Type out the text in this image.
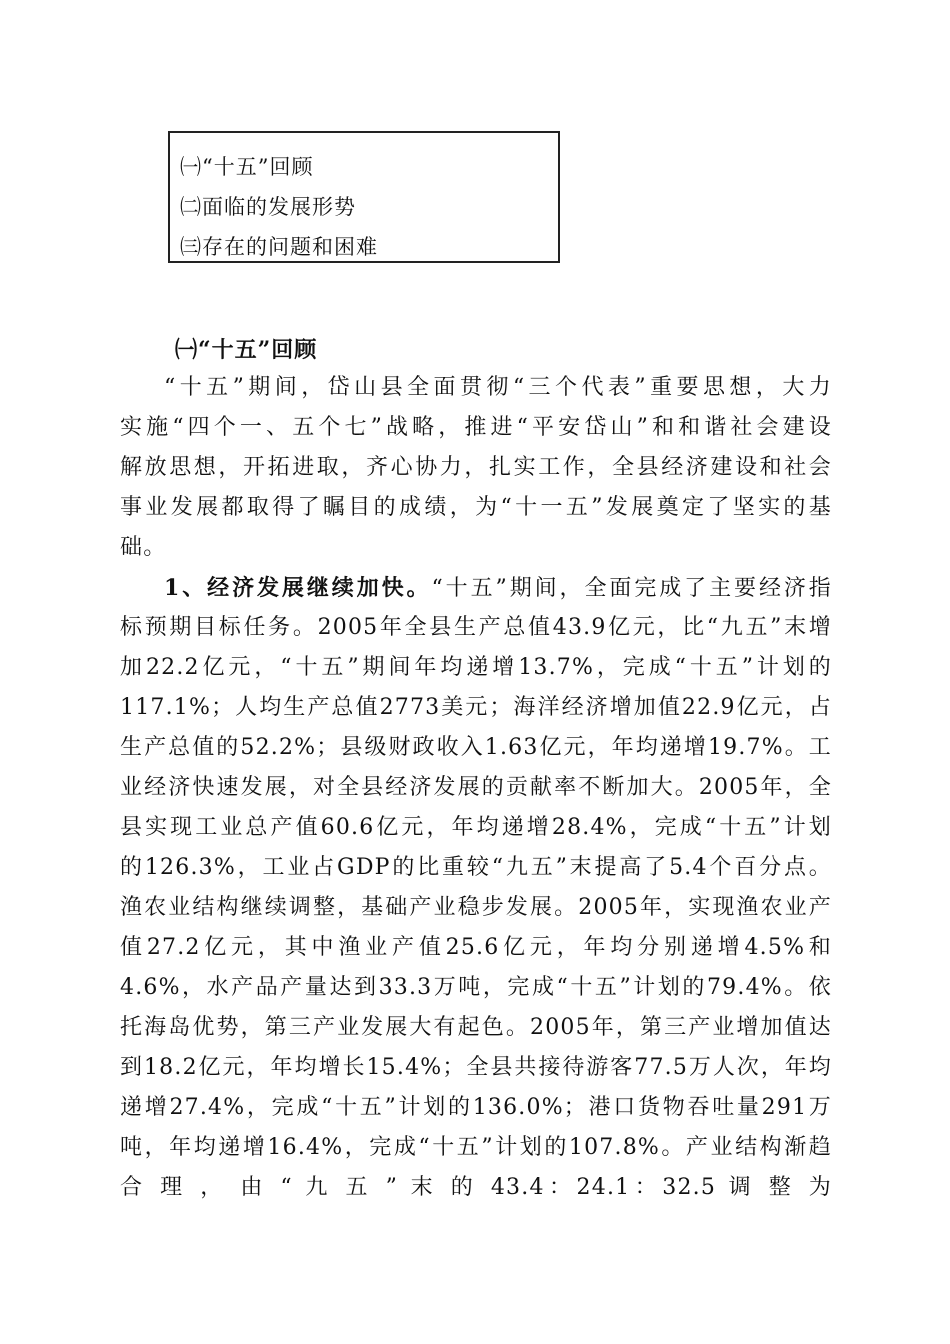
㈠“十五”回顾
㈡面临的发展形势
㈢存在的问题和困难
㈠“十五”回顾
“十五”期间，岱山县全面贯彻“三个代表”重要思想，大力
实施“四个一、五个七”战略，推进“平安岱山”和和谐社会建设
解放思想，开拓进取，齐心协力，扎实工作，全县经济建设和社会
事业发展都取得了瞩目的成绩，为“十一五”发展奠定了坚实的基
础。
1、经济发展继续加快。“十五”期间，全面完成了主要经济指
标预期目标任务。2005年全县生产总值43.9亿元，比“九五”末增
加22.2亿元，“十五”期间年均递增13.7%，完成“十五”计划的
117.1%；人均生产总值2773美元；海洋经济增加值22.9亿元，占
生产总值的52.2%；县级财政收入1.63亿元，年均递增19.7%。工
业经济快速发展，对全县经济发展的贡献率不断加大。2005年，全
县实现工业总产值60.6亿元，年均递增28.4%，完成“十五”计划
的126.3%，工业占GDP的比重较“九五”末提高了5.4个百分点。
渔农业结构继续调整，基础产业稳步发展。2005年，实现渔农业产
值27.2亿元，其中渔业产值25.6亿元，年均分别递增4.5%和
4.6%，水产品产量达到33.3万吨，完成“十五”计划的79.4%。依
托海岛优势，第三产业发展大有起色。2005年，第三产业增加值达
到18.2亿元，年均增长15.4%；全县共接待游客77.5万人次，年均
递增27.4%，完成“十五”计划的136.0%；港口货物吞吐量291万
吨，年均递增16.4%，完成“十五”计划的107.8%。产业结构渐趋
合 理 ， 由 “ 九 五 ” 末 的 43.4：24.1：32.5 调 整 为
